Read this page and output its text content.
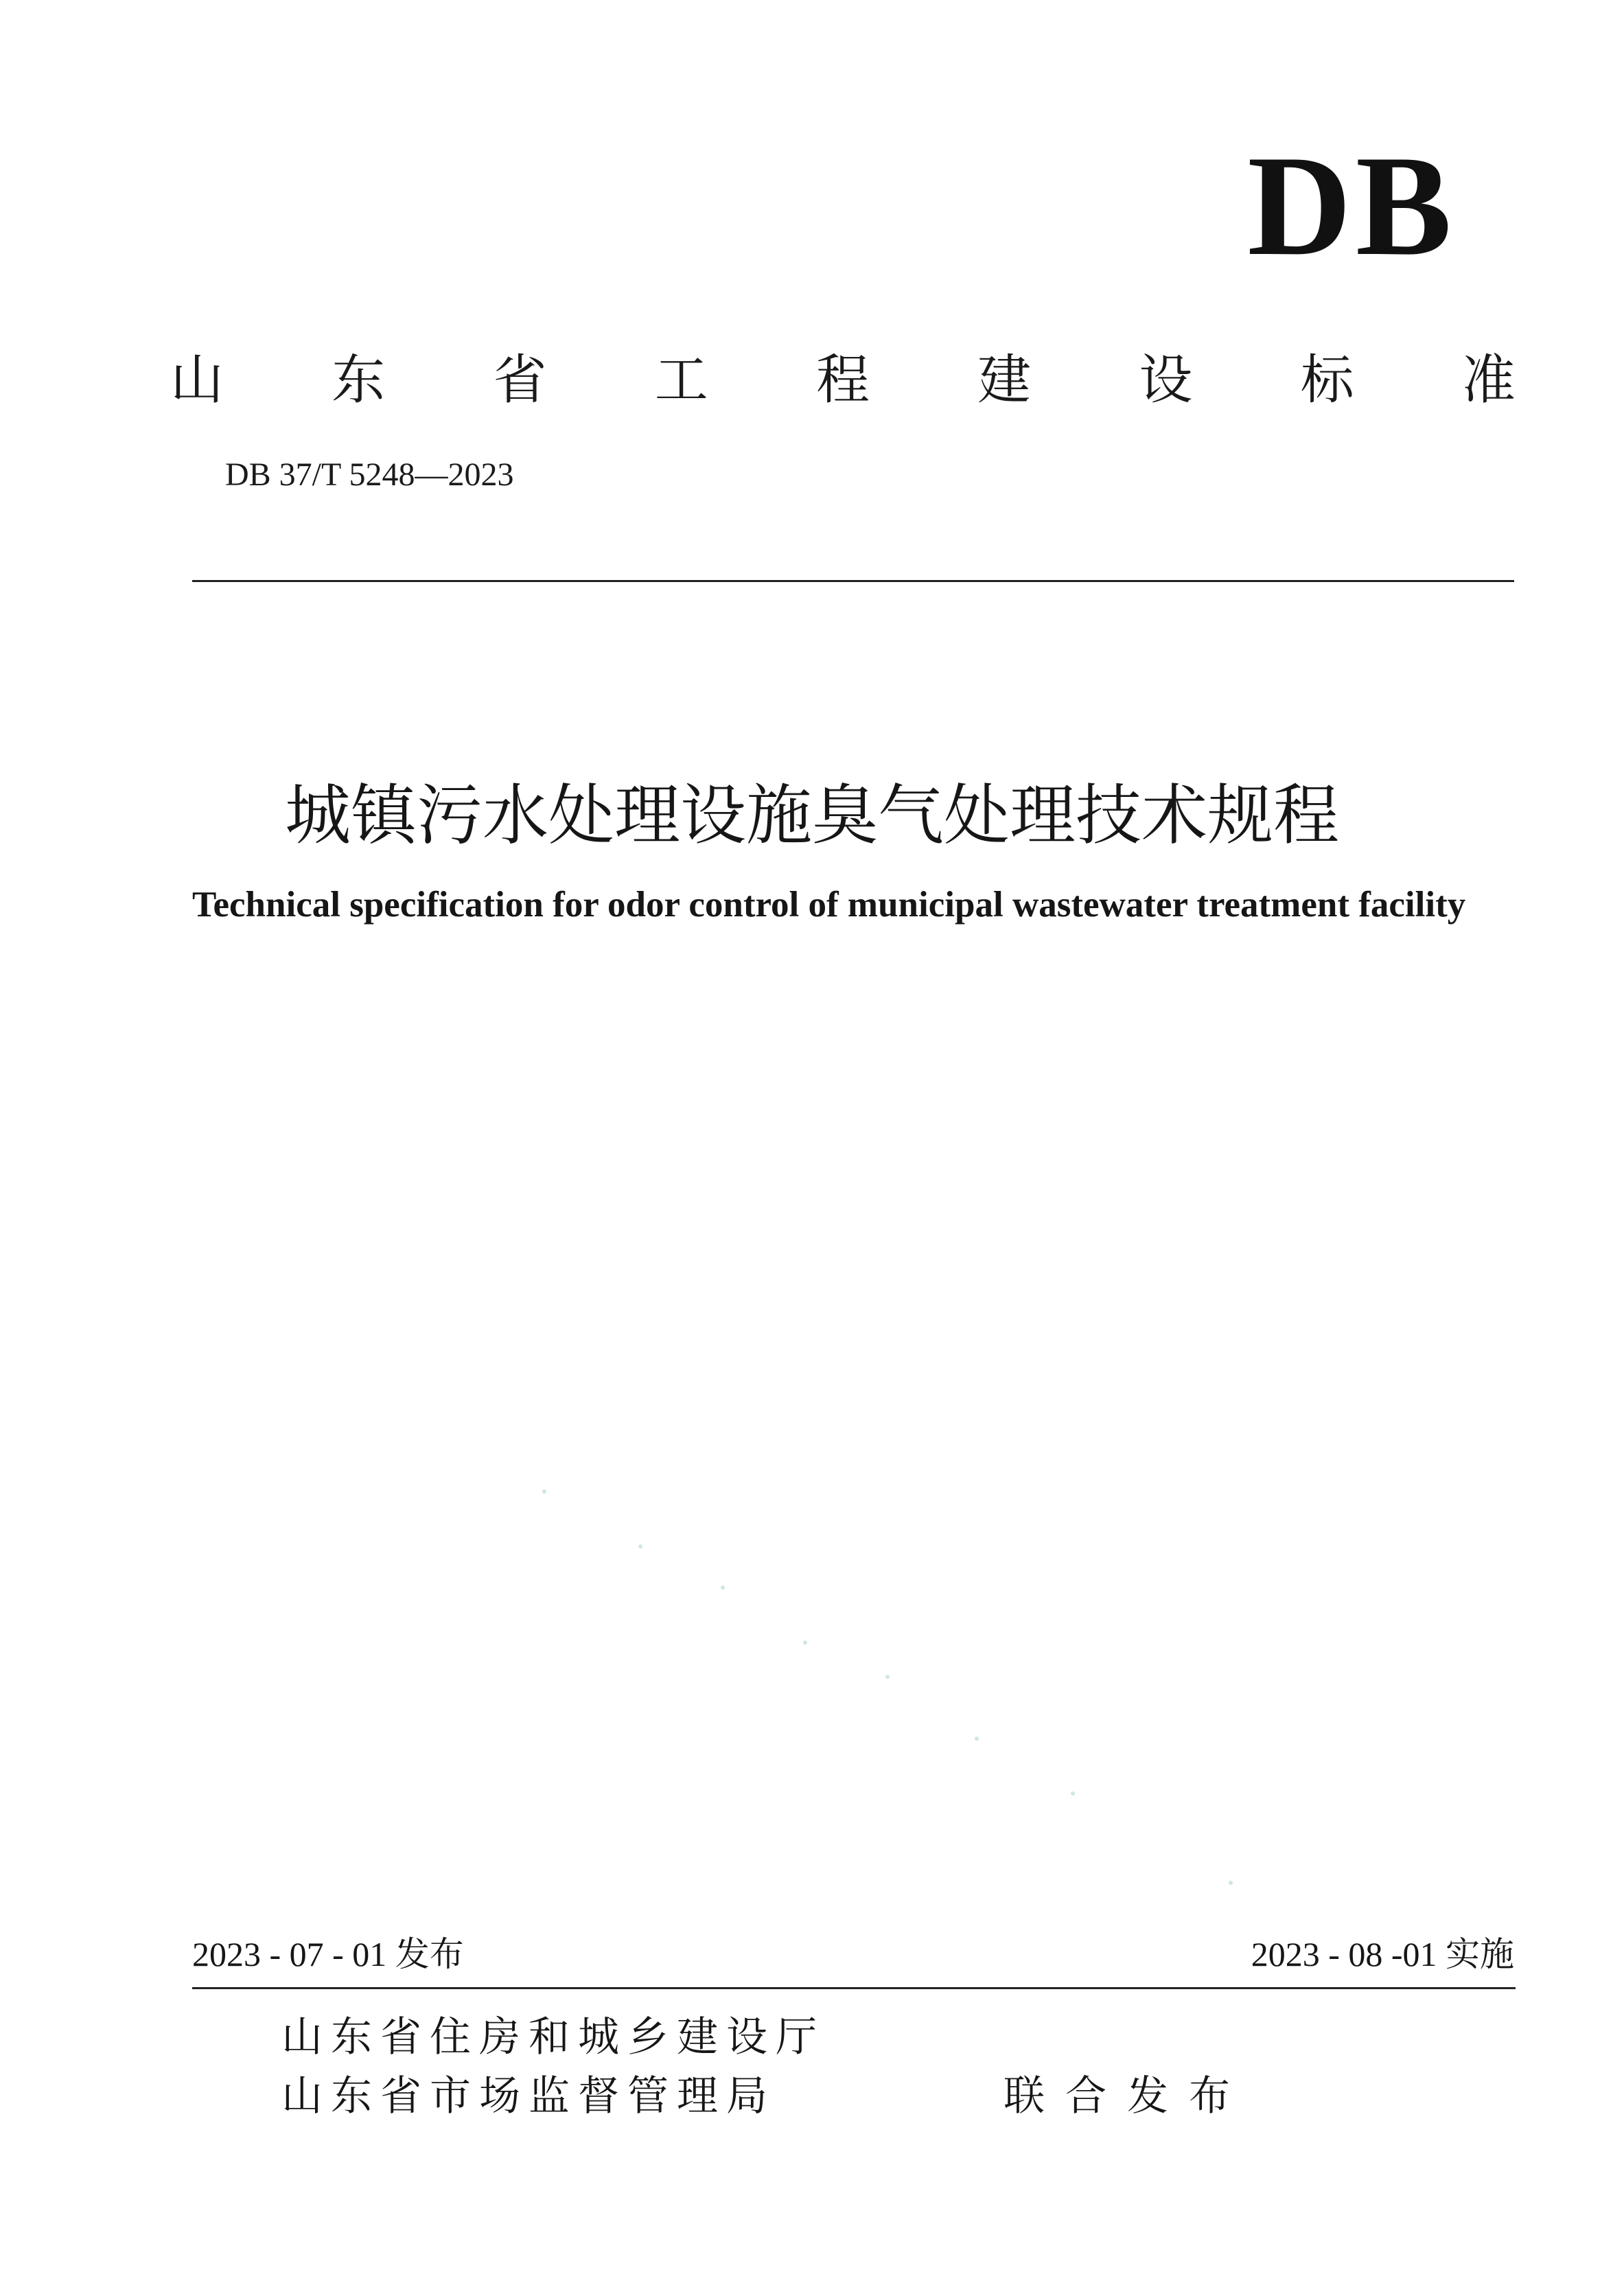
DB
山 东 省 工 程 建 设 标 准
DB 37/T 5248—2023
城镇污水处理设施臭气处理技术规程
Technical specification for odor control of municipal wastewater treatment facility
2023 - 07 - 01 发布	2023 - 08 -01 实施
山东省住房和城乡建设厅
山东省市场监督管理局	联合发布
